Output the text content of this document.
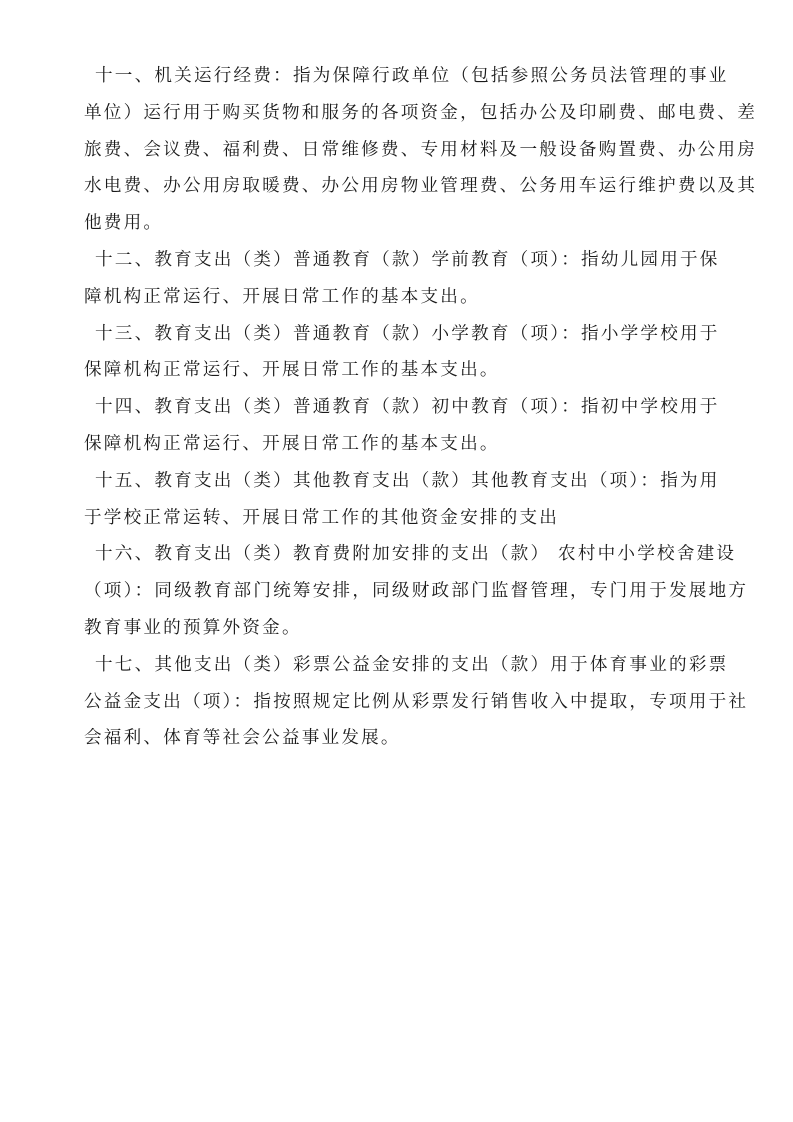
十一、机关运行经费：指为保障行政单位（包括参照公务员法管理的事业
单位）运行用于购买货物和服务的各项资金，包括办公及印刷费、邮电费、差
旅费、会议费、福利费、日常维修费、专用材料及一般设备购置费、办公用房
水电费、办公用房取暖费、办公用房物业管理费、公务用车运行维护费以及其
他费用。

十二、教育支出（类）普通教育（款）学前教育（项）：指幼儿园用于保
障机构正常运行、开展日常工作的基本支出。

十三、教育支出（类）普通教育（款）小学教育（项）：指小学学校用于
保障机构正常运行、开展日常工作的基本支出。

十四、教育支出（类）普通教育（款）初中教育（项）：指初中学校用于
保障机构正常运行、开展日常工作的基本支出。

十五、教育支出（类）其他教育支出（款）其他教育支出（项）：指为用
于学校正常运转、开展日常工作的其他资金安排的支出

十六、教育支出（类）教育费附加安排的支出（款） 农村中小学校舍建设
（项）：同级教育部门统筹安排，同级财政部门监督管理，专门用于发展地方
教育事业的预算外资金。

十七、其他支出（类）彩票公益金安排的支出（款）用于体育事业的彩票
公益金支出（项）：指按照规定比例从彩票发行销售收入中提取，专项用于社
会福利、体育等社会公益事业发展。
